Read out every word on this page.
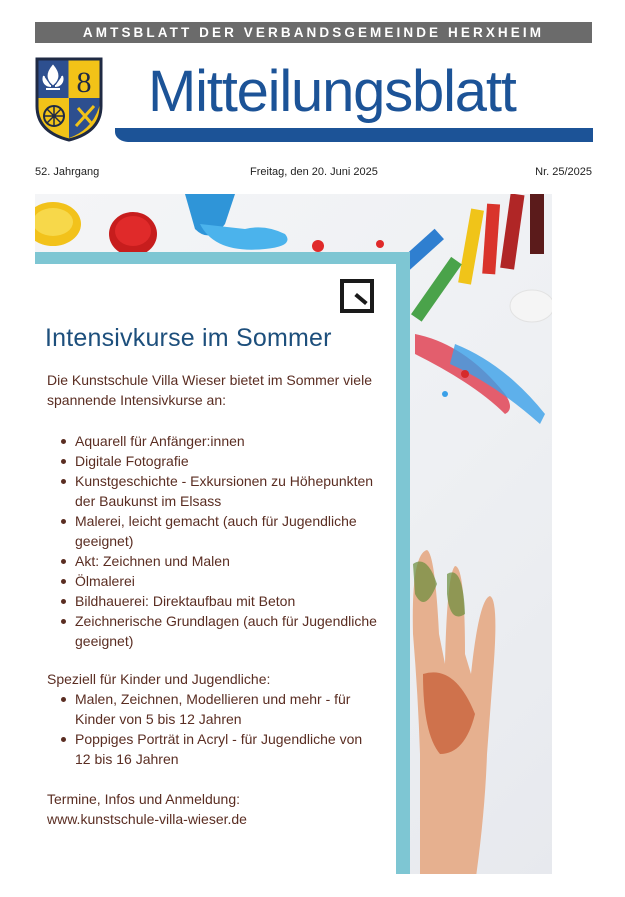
AMTSBLATT DER VERBANDSGEMEINDE HERXHEIM
8 Mitteilungsblatt
52. Jahrgang	Freitag, den 20. Juni 2025	Nr. 25/2025
Intensivkurse im Sommer
Die Kunstschule Villa Wieser bietet im Sommer viele spannende Intensivkurse an:
Aquarell für Anfänger:innen
Digitale Fotografie
Kunstgeschichte - Exkursionen zu Höhepunkten der Baukunst im Elsass
Malerei, leicht gemacht (auch für Jugendliche geeignet)
Akt: Zeichnen und Malen
Ölmalerei
Bildhauerei: Direktaufbau mit Beton
Zeichnerische Grundlagen (auch für Jugendliche geeignet)
Speziell für Kinder und Jugendliche:
Malen, Zeichnen, Modellieren und mehr - für Kinder von 5 bis 12 Jahren
Poppiges Porträt in Acryl - für Jugendliche von 12 bis 16 Jahren
Termine, Infos und Anmeldung:
www.kunstschule-villa-wieser.de
